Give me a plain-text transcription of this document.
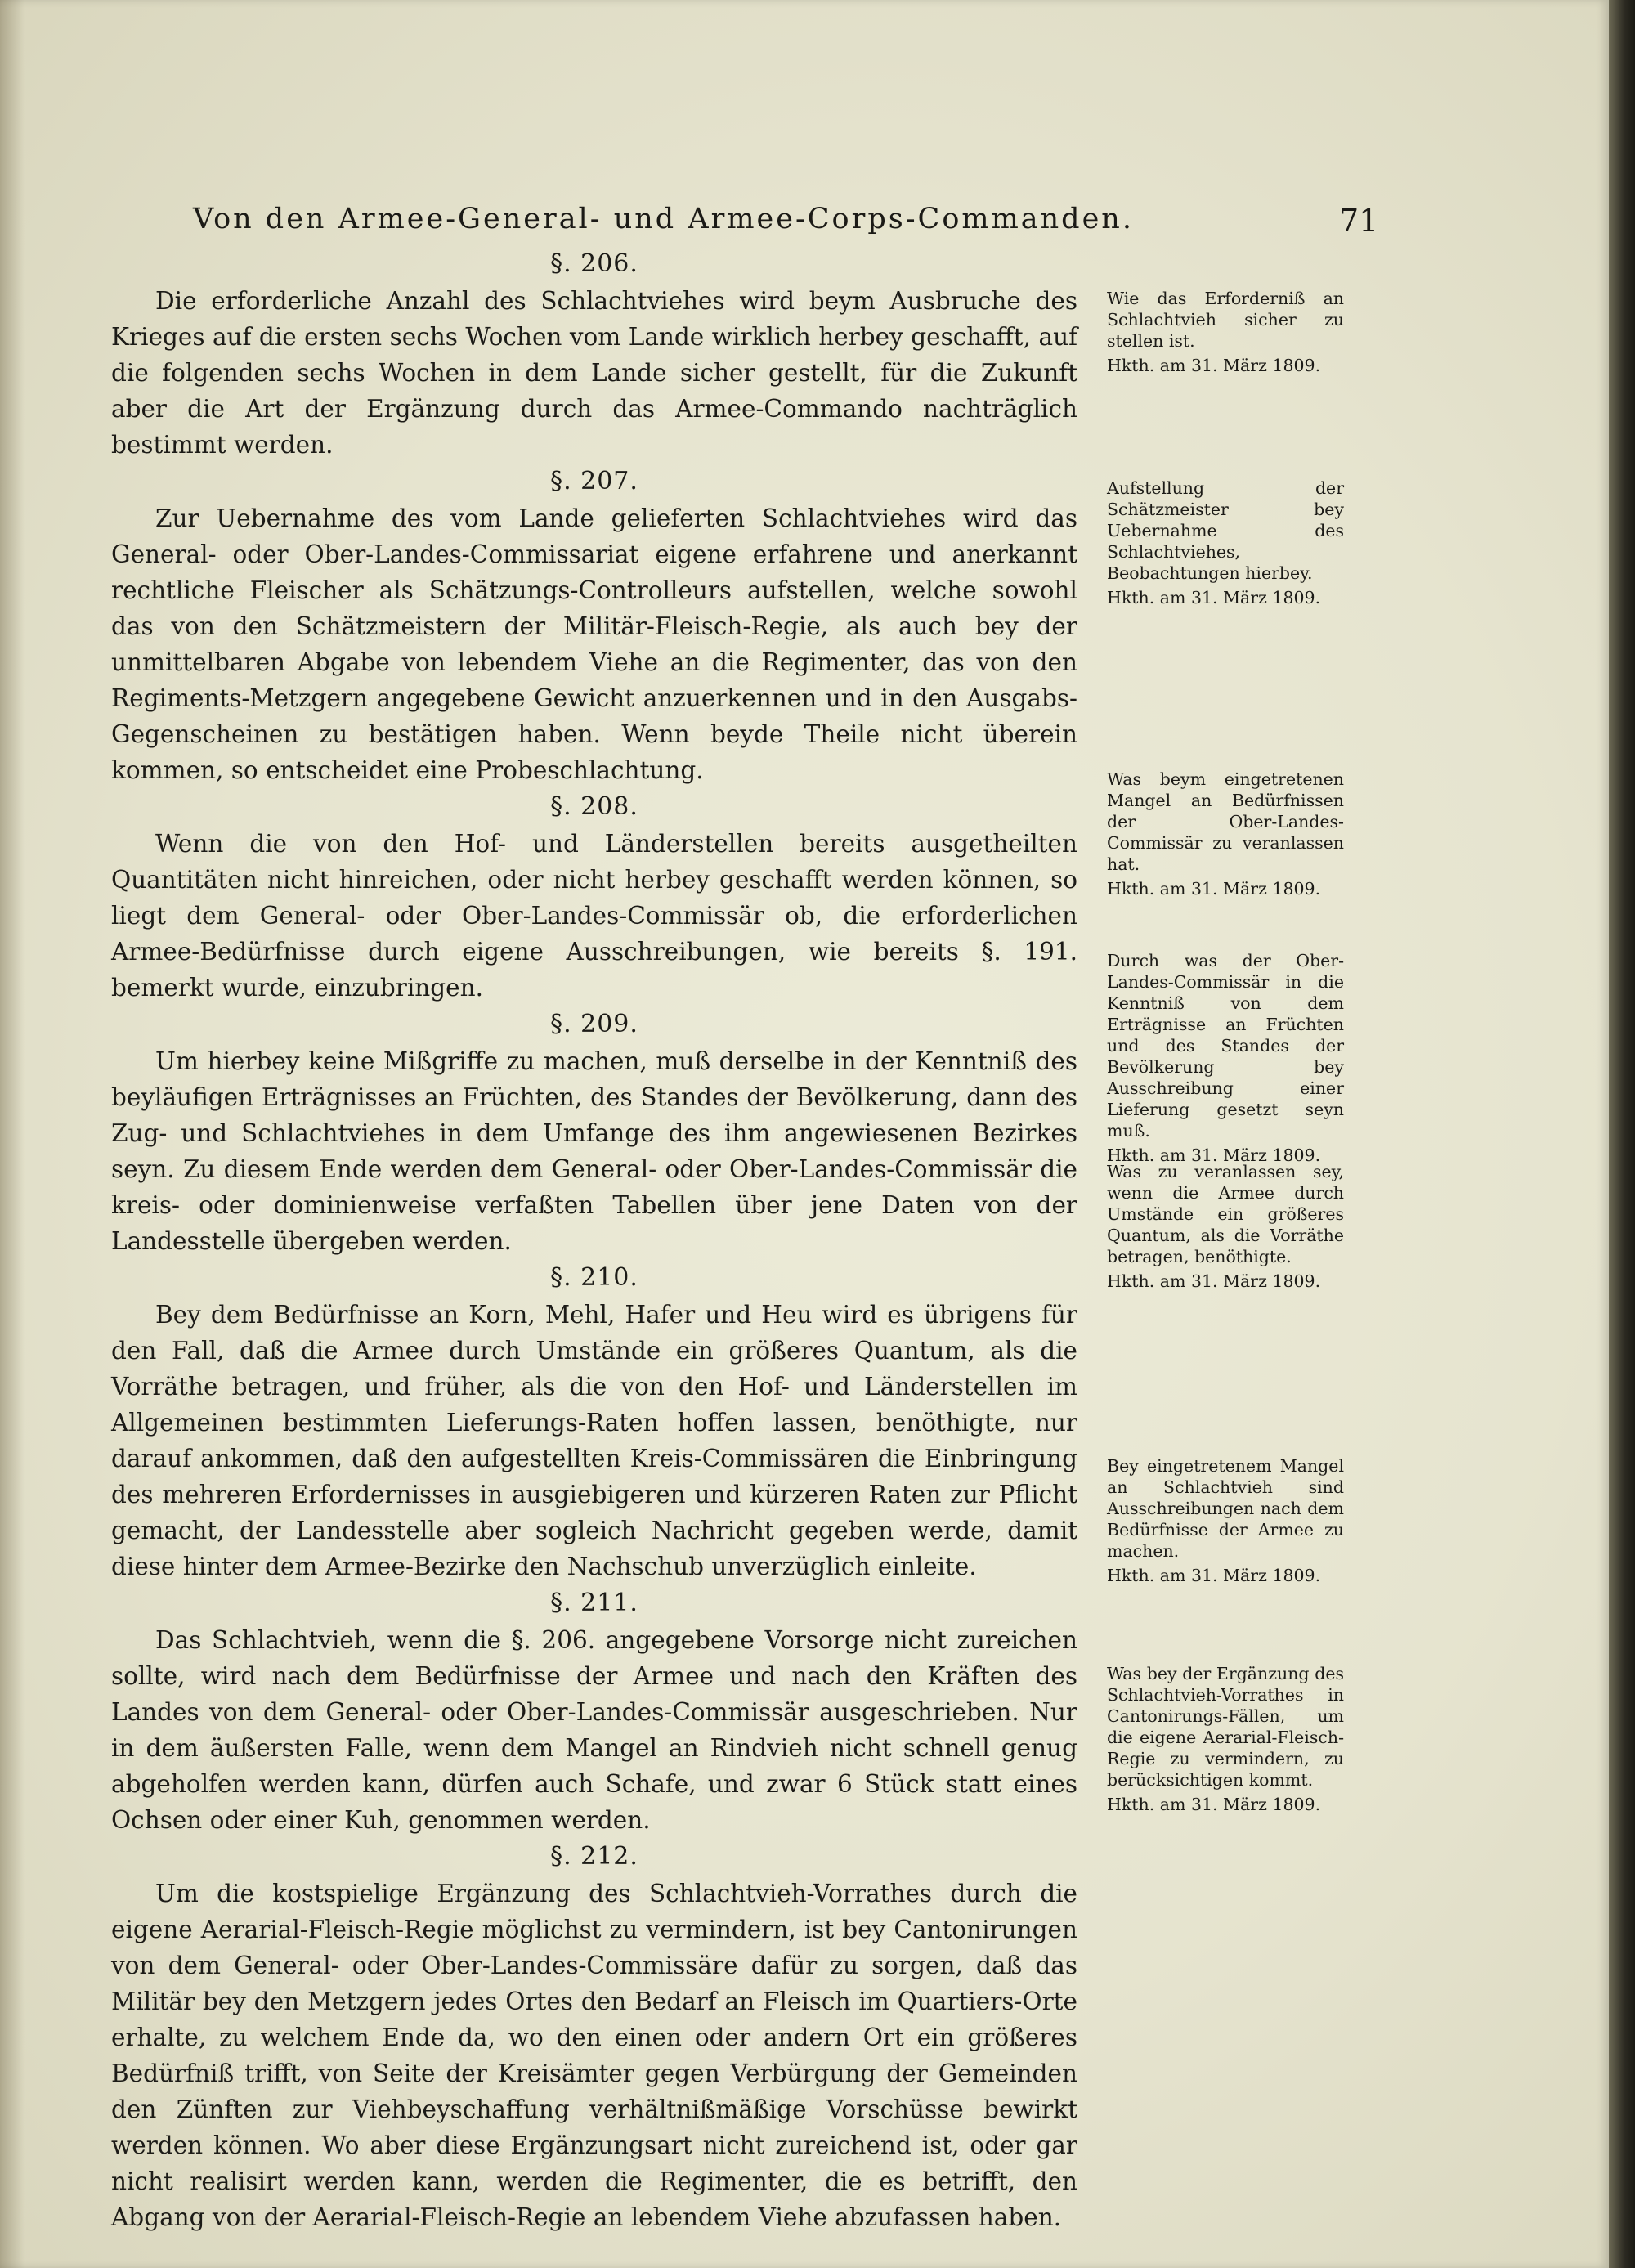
Von den Armee-General- und Armee-Corps-Commanden.	71
§. 206.

Die erforderliche Anzahl des Schlachtviehes wird beym Ausbruche des Krieges auf die ersten sechs Wochen vom Lande wirklich herbey geschafft, auf die folgenden sechs Wochen in dem Lande sicher gestellt, für die Zukunft aber die Art der Ergänzung durch das Armee-Commando nachträglich bestimmt werden.

§. 207.

Zur Uebernahme des vom Lande gelieferten Schlachtviehes wird das General- oder Ober-Landes-Commissariat eigene erfahrene und anerkannt rechtliche Fleischer als Schätzungs-Controlleurs aufstellen, welche sowohl das von den Schätzmeistern der Militär-Fleisch-Regie, als auch bey der unmittelbaren Abgabe von lebendem Viehe an die Regimenter, das von den Regiments-Metzgern angegebene Gewicht anzuerkennen und in den Ausgabs-Gegenscheinen zu bestätigen haben. Wenn beyde Theile nicht überein kommen, so entscheidet eine Probeschlachtung.

§. 208.

Wenn die von den Hof- und Länderstellen bereits ausgetheilten Quantitäten nicht hinreichen, oder nicht herbey geschafft werden können, so liegt dem General- oder Ober-Landes-Commissär ob, die erforderlichen Armee-Bedürfnisse durch eigene Ausschreibungen, wie bereits §. 191. bemerkt wurde, einzubringen.

§. 209.

Um hierbey keine Mißgriffe zu machen, muß derselbe in der Kenntniß des beyläufigen Erträgnisses an Früchten, des Standes der Bevölkerung, dann des Zug- und Schlachtviehes in dem Umfange des ihm angewiesenen Bezirkes seyn. Zu diesem Ende werden dem General- oder Ober-Landes-Commissär die kreis- oder dominienweise verfaßten Tabellen über jene Daten von der Landesstelle übergeben werden.

§. 210.

Bey dem Bedürfnisse an Korn, Mehl, Hafer und Heu wird es übrigens für den Fall, daß die Armee durch Umstände ein größeres Quantum, als die Vorräthe betragen, und früher, als die von den Hof- und Länderstellen im Allgemeinen bestimmten Lieferungs-Raten hoffen lassen, benöthigte, nur darauf ankommen, daß den aufgestellten Kreis-Commissären die Einbringung des mehreren Erfordernisses in ausgiebigeren und kürzeren Raten zur Pflicht gemacht, der Landesstelle aber sogleich Nachricht gegeben werde, damit diese hinter dem Armee-Bezirke den Nachschub unverzüglich einleite.

§. 211.

Das Schlachtvieh, wenn die §. 206. angegebene Vorsorge nicht zureichen sollte, wird nach dem Bedürfnisse der Armee und nach den Kräften des Landes von dem General- oder Ober-Landes-Commissär ausgeschrieben. Nur in dem äußersten Falle, wenn dem Mangel an Rindvieh nicht schnell genug abgeholfen werden kann, dürfen auch Schafe, und zwar 6 Stück statt eines Ochsen oder einer Kuh, genommen werden.

§. 212.

Um die kostspielige Ergänzung des Schlachtvieh-Vorrathes durch die eigene Aerarial-Fleisch-Regie möglichst zu vermindern, ist bey Cantonirungen von dem General- oder Ober-Landes-Commissäre dafür zu sorgen, daß das Militär bey den Metzgern jedes Ortes den Bedarf an Fleisch im Quartiers-Orte erhalte, zu welchem Ende da, wo den einen oder andern Ort ein größeres Bedürfniß trifft, von Seite der Kreisämter gegen Verbürgung der Gemeinden den Zünften zur Viehbeyschaffung verhältnißmäßige Vorschüsse bewirkt werden können. Wo aber diese Ergänzungsart nicht zureichend ist, oder gar nicht realisirt werden kann, werden die Regimenter, die es betrifft, den Abgang von der Aerarial-Fleisch-Regie an lebendem Viehe abzufassen haben.

Wie das Erforderniß an Schlachtvieh sicher zu stellen ist.

Hkth. am 31. März 1809.

Aufstellung der Schätzmeister bey Uebernahme des Schlachtviehes, Beobachtungen hierbey.

Hkth. am 31. März 1809.

Was beym eingetretenen Mangel an Bedürfnissen der Ober-Landes-Commissär zu veranlassen hat.

Hkth. am 31. März 1809.

Durch was der Ober-Landes-Commissär in die Kenntniß von dem Erträgnisse an Früchten und des Standes der Bevölkerung bey Ausschreibung einer Lieferung gesetzt seyn muß.

Hkth. am 31. März 1809.

Was zu veranlassen sey, wenn die Armee durch Umstände ein größeres Quantum, als die Vorräthe betragen, benöthigte.

Hkth. am 31. März 1809.

Bey eingetretenem Mangel an Schlachtvieh sind Ausschreibungen nach dem Bedürfnisse der Armee zu machen.

Hkth. am 31. März 1809.

Was bey der Ergänzung des Schlachtvieh-Vorrathes in Cantonirungs-Fällen, um die eigene Aerarial-Fleisch-Regie zu vermindern, zu berücksichtigen kommt.

Hkth. am 31. März 1809.
